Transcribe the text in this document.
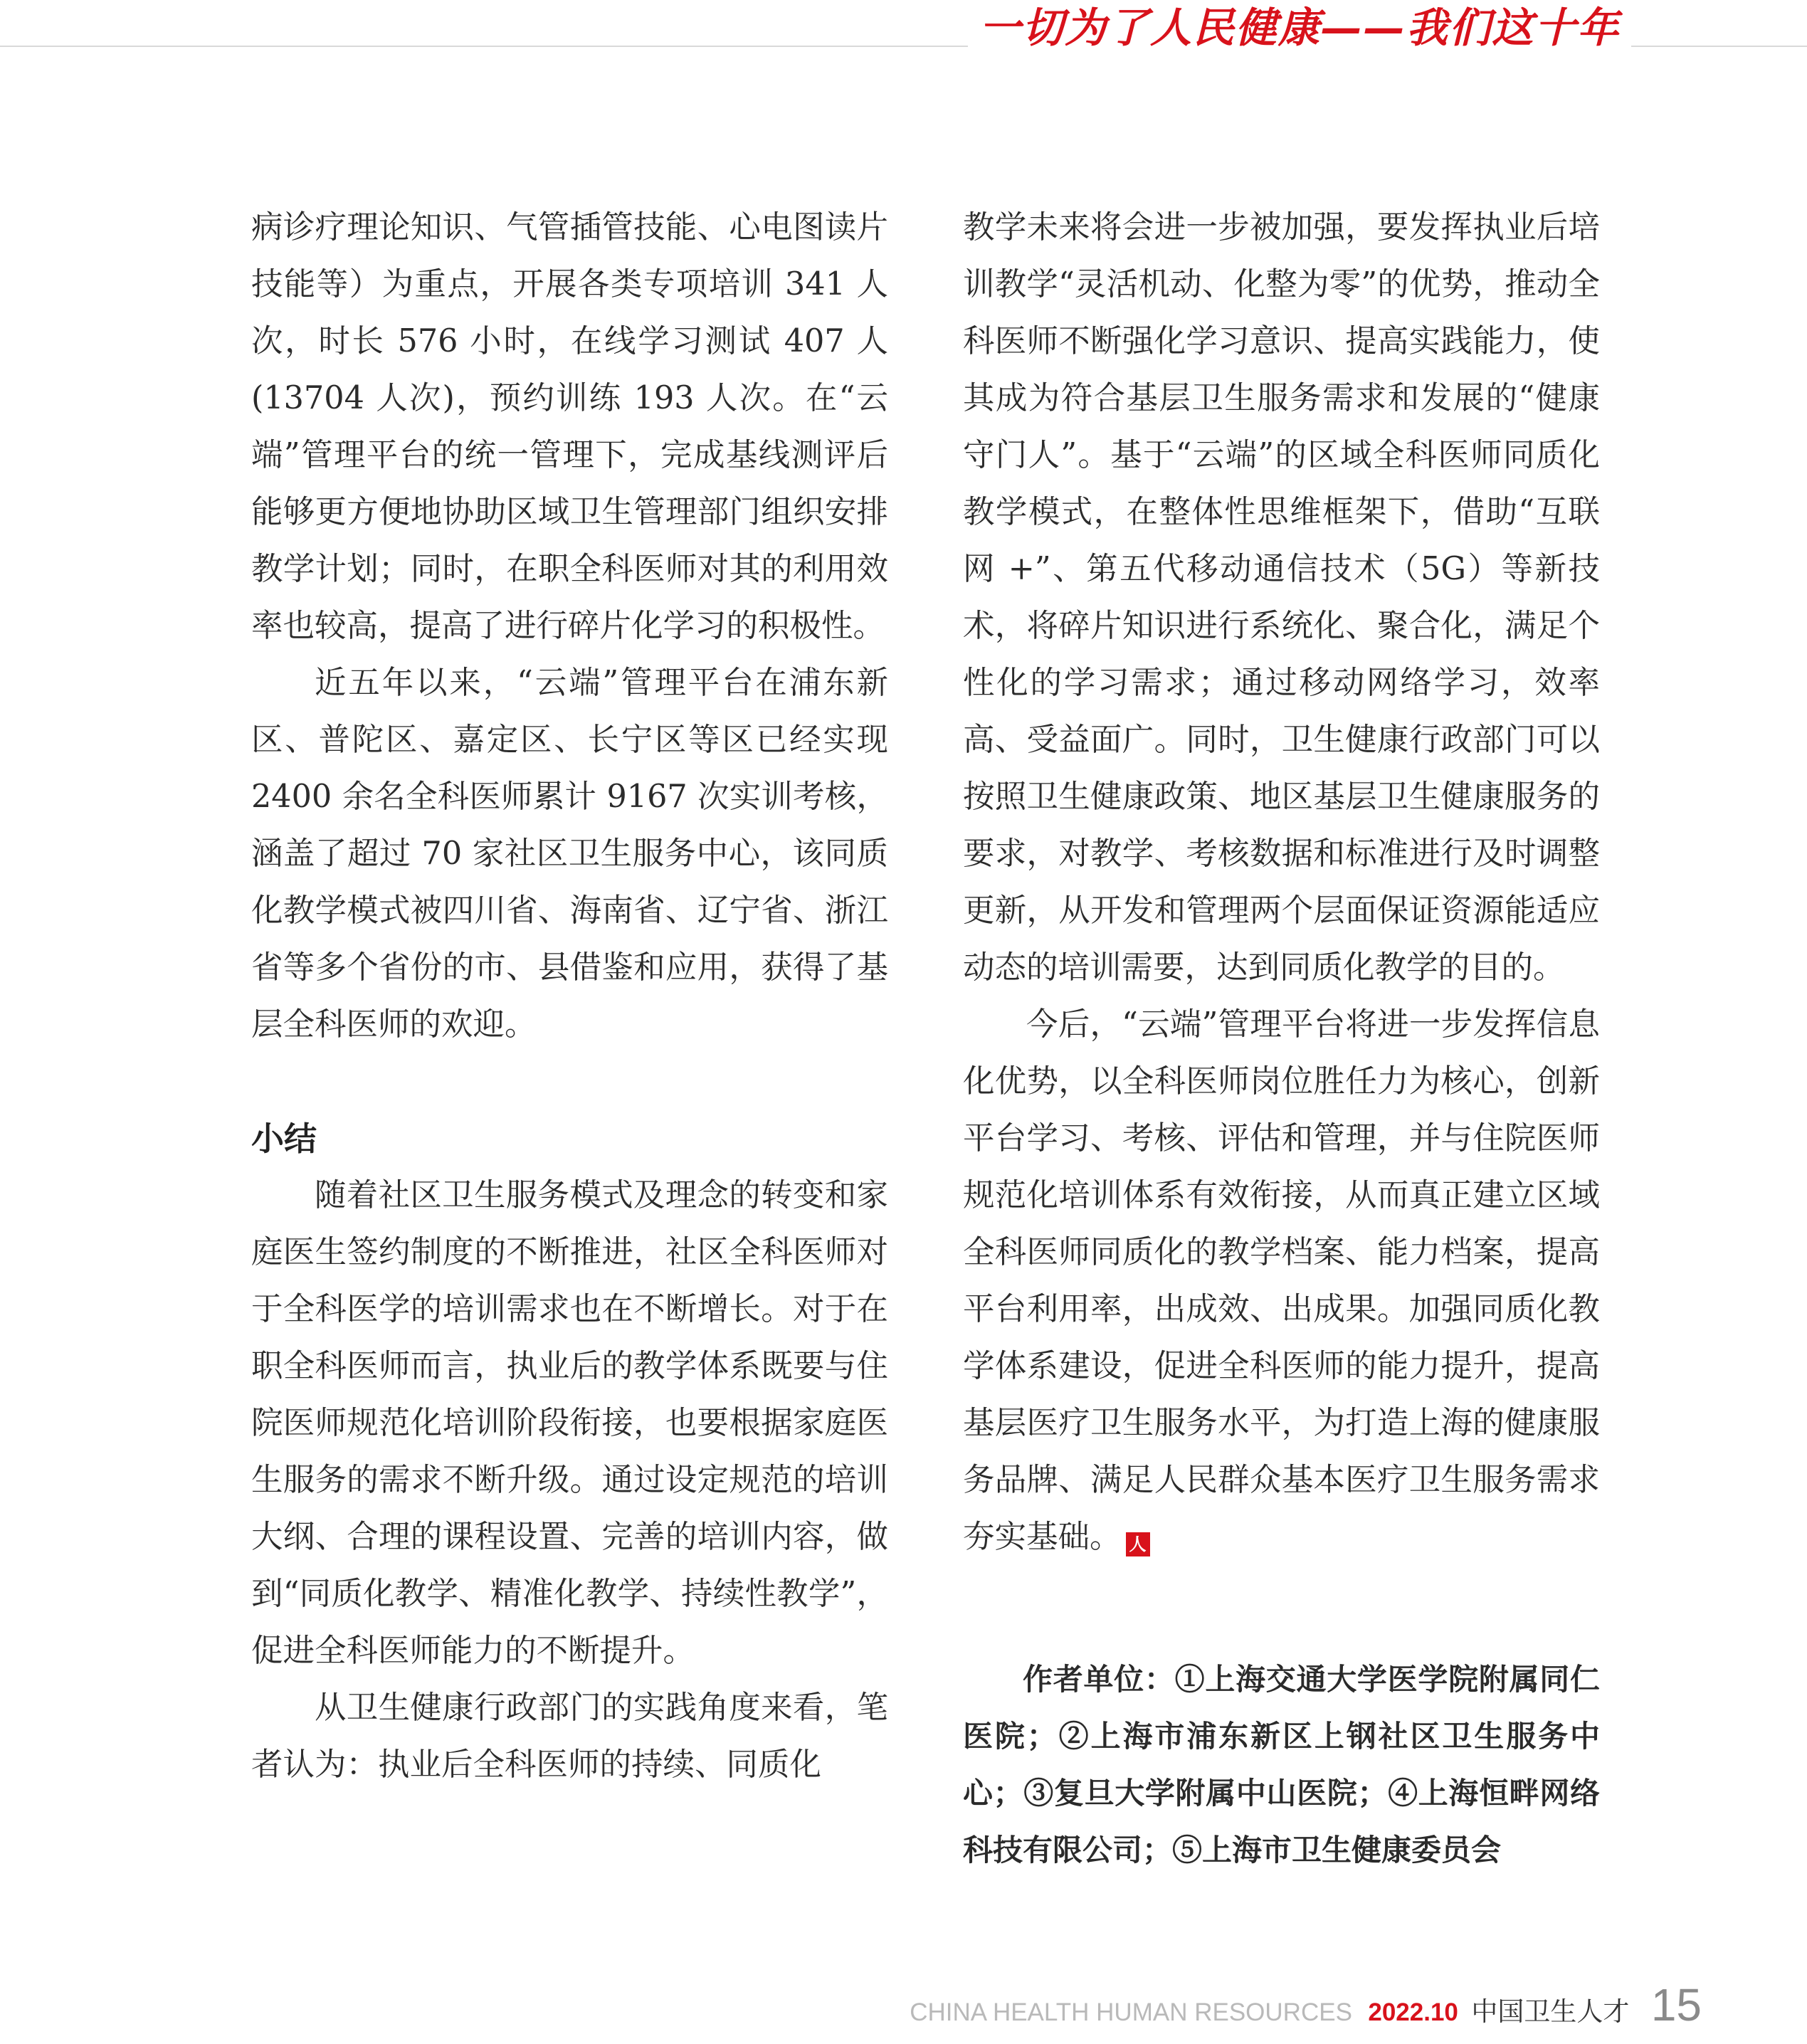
一切为了人民健康——我们这十年

病诊疗理论知识、气管插管技能、心电图读片技能等）为重点，开展各类专项培训 341 人次，时长 576 小时，在线学习测试 407 人(13704 人次)，预约训练 193 人次。在“云端”管理平台的统一管理下，完成基线测评后能够更方便地协助区域卫生管理部门组织安排教学计划；同时，在职全科医师对其的利用效率也较高，提高了进行碎片化学习的积极性。

近五年以来，“云端”管理平台在浦东新区、普陀区、嘉定区、长宁区等区已经实现 2400 余名全科医师累计 9167 次实训考核，涵盖了超过 70 家社区卫生服务中心，该同质化教学模式被四川省、海南省、辽宁省、浙江省等多个省份的市、县借鉴和应用，获得了基层全科医师的欢迎。

小结

随着社区卫生服务模式及理念的转变和家庭医生签约制度的不断推进，社区全科医师对于全科医学的培训需求也在不断增长。对于在职全科医师而言，执业后的教学体系既要与住院医师规范化培训阶段衔接，也要根据家庭医生服务的需求不断升级。通过设定规范的培训大纲、合理的课程设置、完善的培训内容，做到“同质化教学、精准化教学、持续性教学”，促进全科医师能力的不断提升。

从卫生健康行政部门的实践角度来看，笔者认为：执业后全科医师的持续、同质化

教学未来将会进一步被加强，要发挥执业后培训教学“灵活机动、化整为零”的优势，推动全科医师不断强化学习意识、提高实践能力，使其成为符合基层卫生服务需求和发展的“健康守门人”。基于“云端”的区域全科医师同质化教学模式，在整体性思维框架下，借助“互联网 +”、第五代移动通信技术（5G）等新技术，将碎片知识进行系统化、聚合化，满足个性化的学习需求；通过移动网络学习，效率高、受益面广。同时，卫生健康行政部门可以按照卫生健康政策、地区基层卫生健康服务的要求，对教学、考核数据和标准进行及时调整更新，从开发和管理两个层面保证资源能适应动态的培训需要，达到同质化教学的目的。

今后，“云端”管理平台将进一步发挥信息化优势，以全科医师岗位胜任力为核心，创新平台学习、考核、评估和管理，并与住院医师规范化培训体系有效衔接，从而真正建立区域全科医师同质化的教学档案、能力档案，提高平台利用率，出成效、出成果。加强同质化教学体系建设，促进全科医师的能力提升，提高基层医疗卫生服务水平，为打造上海的健康服务品牌、满足人民群众基本医疗卫生服务需求夯实基础。 人

作者单位：①上海交通大学医学院附属同仁医院；②上海市浦东新区上钢社区卫生服务中心；③复旦大学附属中山医院；④上海恒畔网络科技有限公司；⑤上海市卫生健康委员会

CHINA HEALTH HUMAN RESOURCES 2022.10 中国卫生人才 15
